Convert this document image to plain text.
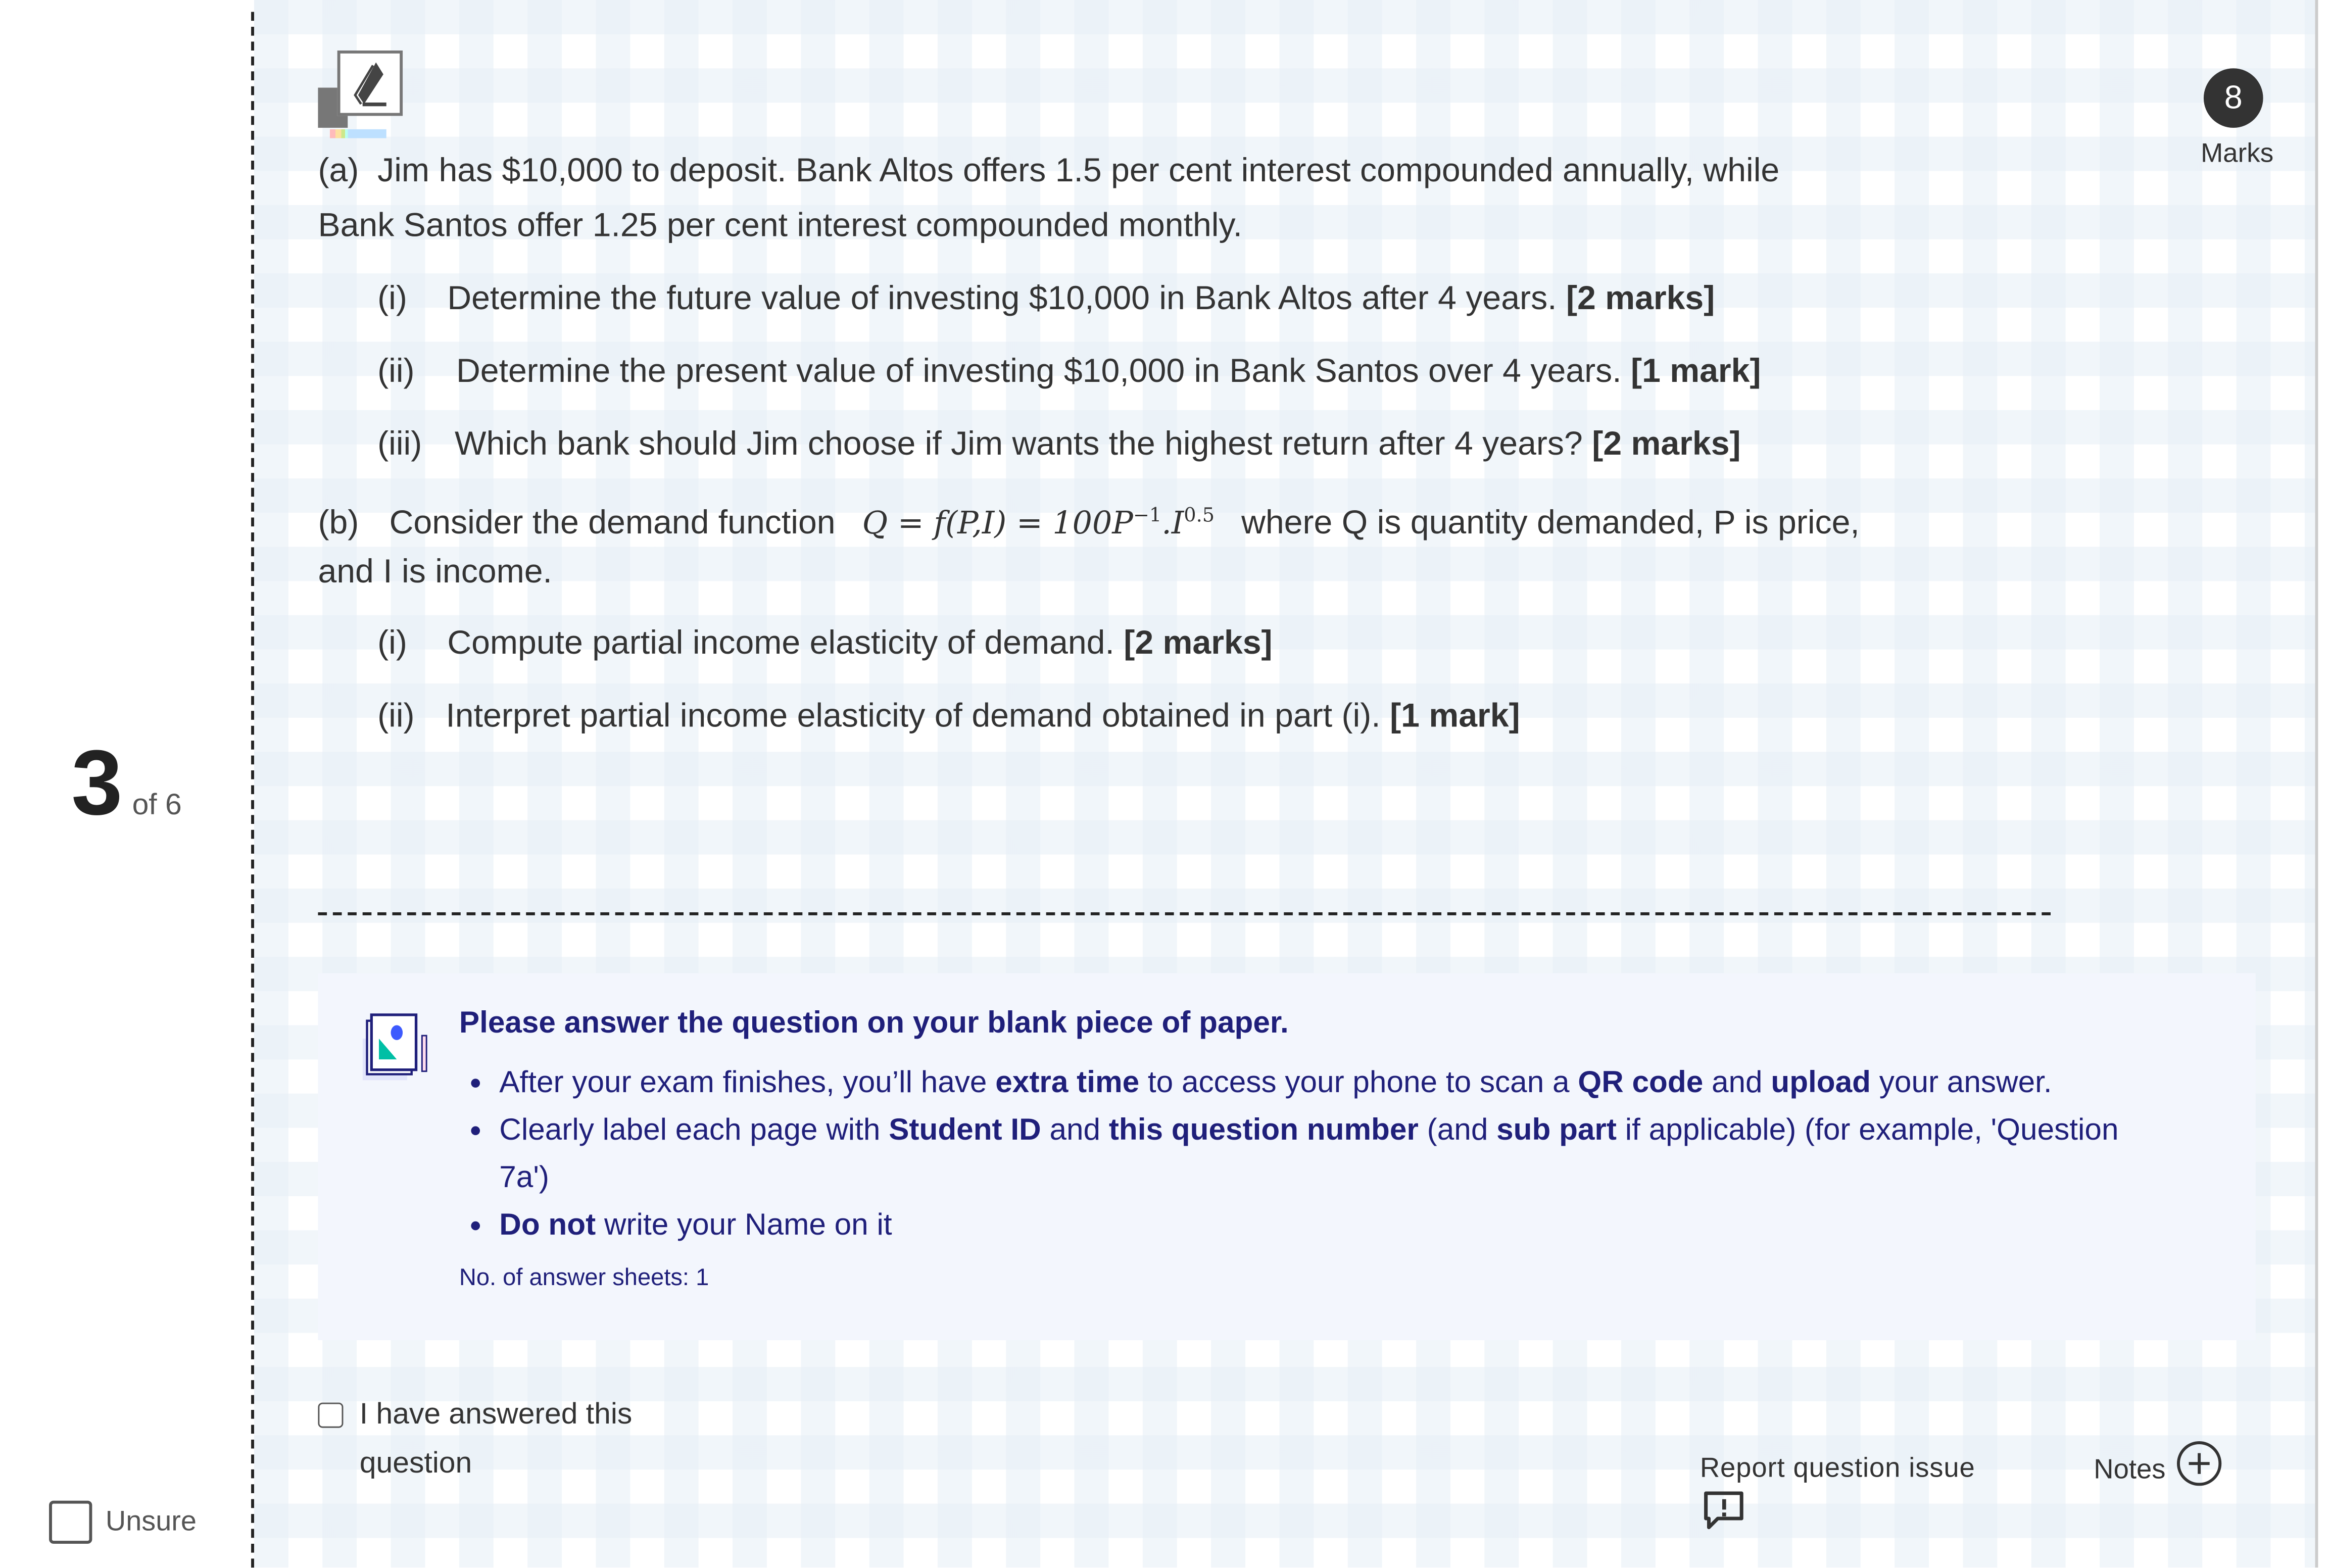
3 of 6
Unsure
8
Marks
(a) Jim has $10,000 to deposit. Bank Altos offers 1.5 per cent interest compounded annually, while
Bank Santos offer 1.25 per cent interest compounded monthly.
(i)	Determine the future value of investing $10,000 in Bank Altos after 4 years. [2 marks]
(ii)	Determine the present value of investing $10,000 in Bank Santos over 4 years. [1 mark]
(iii)	Which bank should Jim choose if Jim wants the highest return after 4 years? [2 marks]
(b)	Consider the demand function	$Q = f(P,I) = 100P^{-1}.I^{0.5}$ where Q is quantity demanded, P is price,
and I is income.
(i)	Compute partial income elasticity of demand. [2 marks]
(ii)	Interpret partial income elasticity of demand obtained in part (i). [1 mark]
Please answer the question on your blank piece of paper.
• After your exam finishes, you’ll have extra time to access your phone to scan a QR code and upload your answer.
• Clearly label each page with Student ID and this question number (and sub part if applicable) (for example, 'Question 7a')
• Do not write your Name on it
No. of answer sheets: 1
I have answered this
question	Report question issue	Notes
